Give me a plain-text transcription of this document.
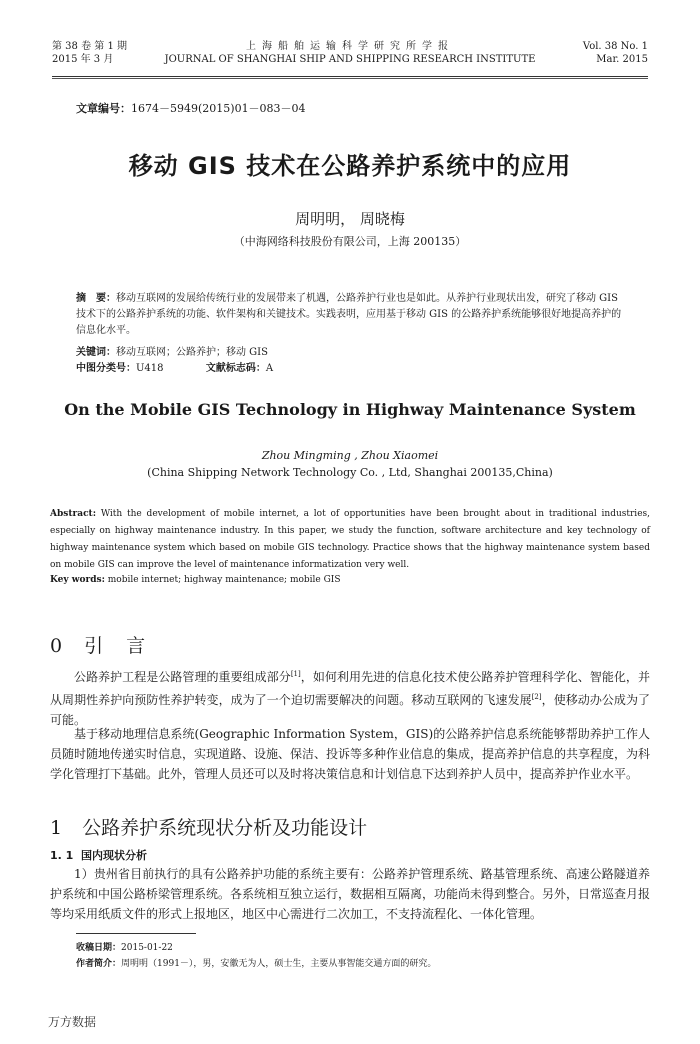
第 38 卷 第 1 期
2015 年 3 月
上海船舶运输科学研究所学报
JOURNAL OF SHANGHAI SHIP AND SHIPPING RESEARCH INSTITUTE
Vol. 38 No. 1
Mar. 2015
文章编号：1674－5949(2015)01－083－04
移动 GIS 技术在公路养护系统中的应用
周明明， 周晓梅
（中海网络科技股份有限公司，上海 200135）
摘　要：移动互联网的发展给传统行业的发展带来了机遇，公路养护行业也是如此。从养护行业现状出发，研究了移动 GIS 技术下的公路养护系统的功能、软件架构和关键技术。实践表明，应用基于移动 GIS 的公路养护系统能够很好地提高养护的信息化水平。
关键词：移动互联网；公路养护；移动 GIS
中图分类号：U418	文献标志码：A
On the Mobile GIS Technology in Highway Maintenance System
Zhou Mingming , Zhou Xiaomei
(China Shipping Network Technology Co. , Ltd, Shanghai 200135,China)
Abstract: With the development of mobile internet, a lot of opportunities have been brought about in traditional industries, especially on highway maintenance industry. In this paper, we study the function, software architecture and key technology of highway maintenance system which based on mobile GIS technology. Practice shows that the highway maintenance system based on mobile GIS can improve the level of maintenance informatization very well.
Key words: mobile internet; highway maintenance; mobile GIS
0 引　言
公路养护工程是公路管理的重要组成部分[1]，如何利用先进的信息化技术使公路养护管理科学化、智能化，并从周期性养护向预防性养护转变，成为了一个迫切需要解决的问题。移动互联网的飞速发展[2]，使移动办公成为了可能。
基于移动地理信息系统(Geographic Information System，GIS)的公路养护信息系统能够帮助养护工作人员随时随地传递实时信息，实现道路、设施、保洁、投诉等多种作业信息的集成，提高养护信息的共享程度，为科学化管理打下基础。此外，管理人员还可以及时将决策信息和计划信息下达到养护人员中，提高养护作业水平。
1 公路养护系统现状分析及功能设计
1. 1 国内现状分析
1）贵州省目前执行的具有公路养护功能的系统主要有：公路养护管理系统、路基管理系统、高速公路隧道养护系统和中国公路桥梁管理系统。各系统相互独立运行，数据相互隔离，功能尚未得到整合。另外，日常巡查月报等均采用纸质文件的形式上报地区，地区中心需进行二次加工，不支持流程化、一体化管理。
收稿日期：2015-01-22
作者简介：周明明（1991－），男，安徽无为人，硕士生，主要从事智能交通方面的研究。
万方数据
